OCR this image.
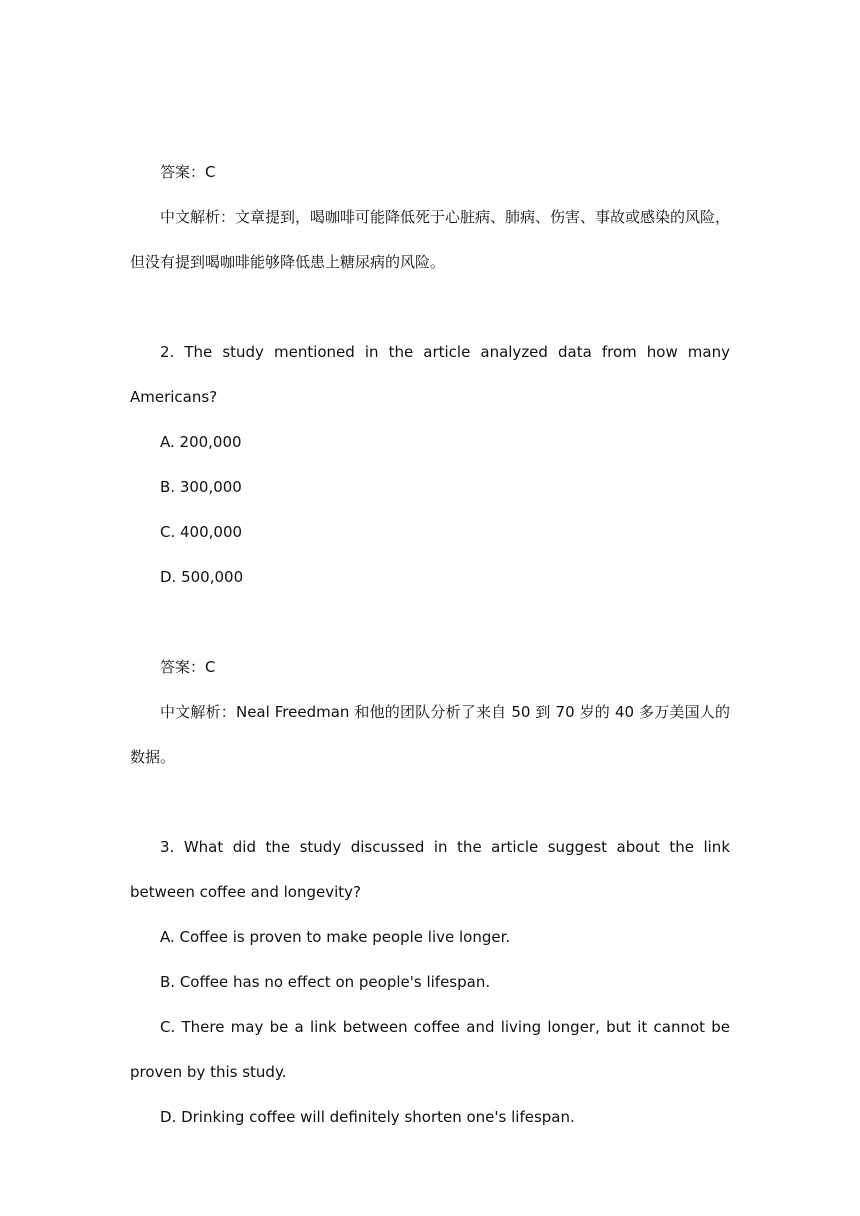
答案：C

中文解析：文章提到，喝咖啡可能降低死于心脏病、肺病、伤害、事故或感染的风险，但没有提到喝咖啡能够降低患上糖尿病的风险。

2. The study mentioned in the article analyzed data from how many Americans?

A. 200,000

B. 300,000

C. 400,000

D. 500,000

答案：C

中文解析：Neal Freedman 和他的团队分析了来自 50 到 70 岁的 40 多万美国人的数据。

3. What did the study discussed in the article suggest about the link between coffee and longevity?

A. Coffee is proven to make people live longer.

B. Coffee has no effect on people's lifespan.

C. There may be a link between coffee and living longer, but it cannot be proven by this study.

D. Drinking coffee will definitely shorten one's lifespan.
